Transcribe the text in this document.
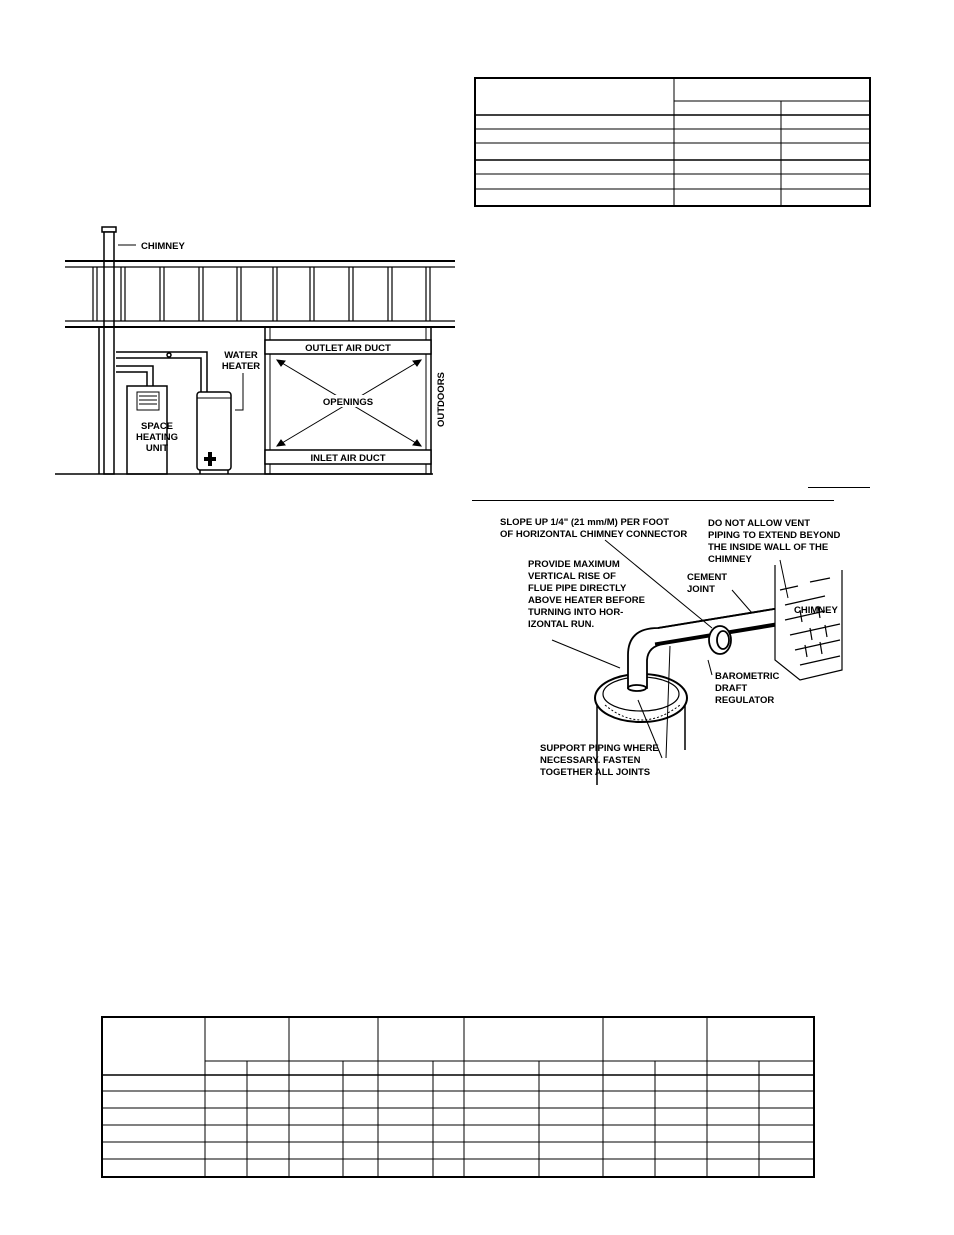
CHIMNEY
SPACE
HEATING
UNIT
WATER
HEATER
OUTLET AIR DUCT
OPENINGS
INLET AIR DUCT
OUTDOORS
SLOPE UP 1/4" (21 mm/M) PER FOOT
OF HORIZONTAL CHIMNEY CONNECTOR
DO NOT ALLOW VENT
PIPING TO EXTEND BEYOND
THE INSIDE WALL OF THE
CHIMNEY
PROVIDE MAXIMUM
VERTICAL RISE OF
FLUE PIPE DIRECTLY
ABOVE HEATER BEFORE
TURNING INTO HOR-
IZONTAL RUN.
CEMENT
JOINT
CHIMNEY
BAROMETRIC
DRAFT
REGULATOR
SUPPORT PIPING WHERE
NECESSARY. FASTEN
TOGETHER ALL JOINTS
